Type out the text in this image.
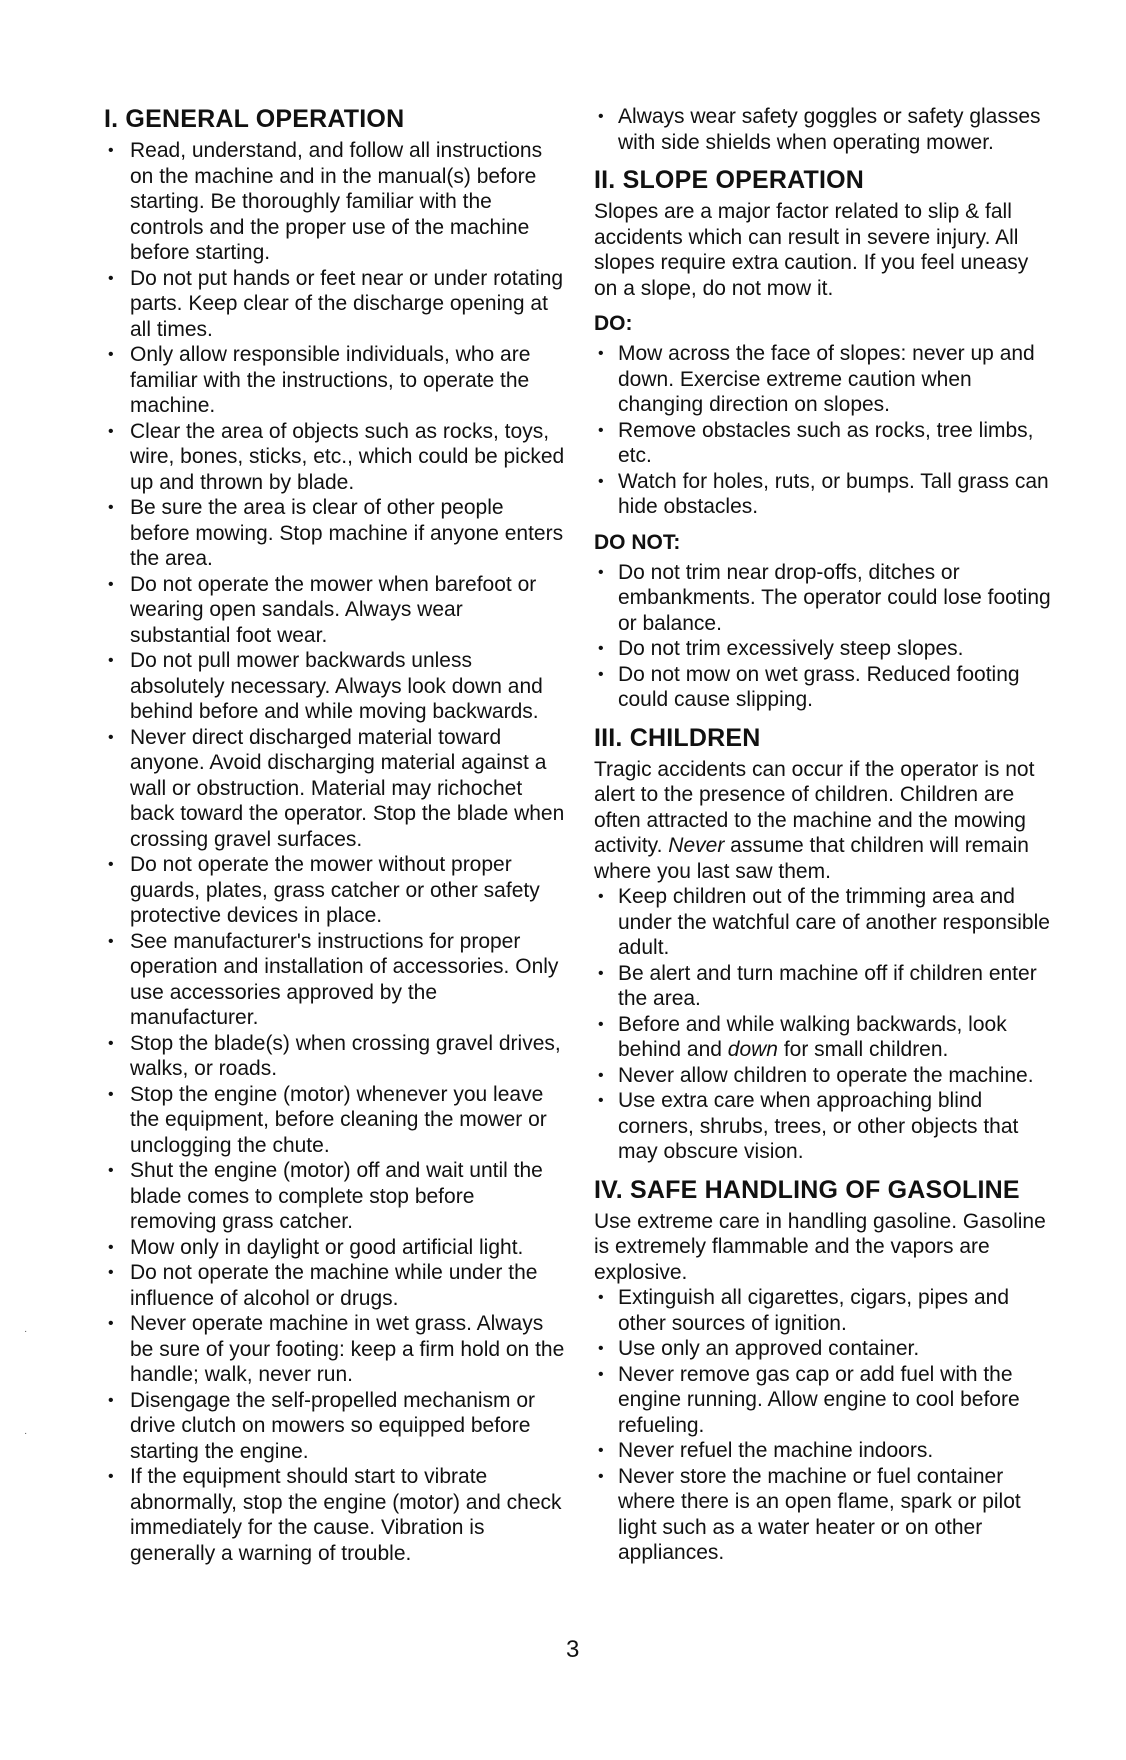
I. GENERAL OPERATION
• Read, understand, and follow all instructions on the machine and in the manual(s) before starting. Be thoroughly familiar with the controls and the proper use of the machine before starting.
• Do not put hands or feet near or under rotating parts. Keep clear of the discharge opening at all times.
• Only allow responsible individuals, who are familiar with the instructions, to operate the machine.
• Clear the area of objects such as rocks, toys, wire, bones, sticks, etc., which could be picked up and thrown by blade.
• Be sure the area is clear of other people before mowing. Stop machine if anyone enters the area.
• Do not operate the mower when barefoot or wearing open sandals. Always wear substantial foot wear.
• Do not pull mower backwards unless absolutely necessary. Always look down and behind before and while moving backwards.
• Never direct discharged material toward anyone. Avoid discharging material against a wall or obstruction. Material may richochet back toward the operator. Stop the blade when crossing gravel surfaces.
• Do not operate the mower without proper guards, plates, grass catcher or other safety protective devices in place.
• See manufacturer's instructions for proper operation and installation of accessories. Only use accessories approved by the manufacturer.
• Stop the blade(s) when crossing gravel drives, walks, or roads.
• Stop the engine (motor) whenever you leave the equipment, before cleaning the mower or unclogging the chute.
• Shut the engine (motor) off and wait until the blade comes to complete stop before removing grass catcher.
• Mow only in daylight or good artificial light.
• Do not operate the machine while under the influence of alcohol or drugs.
• Never operate machine in wet grass. Always be sure of your footing: keep a firm hold on the handle; walk, never run.
• Disengage the self-propelled mechanism or drive clutch on mowers so equipped before starting the engine.
• If the equipment should start to vibrate abnormally, stop the engine (motor) and check immediately for the cause. Vibration is generally a warning of trouble.
• Always wear safety goggles or safety glasses with side shields when operating mower.
II. SLOPE OPERATION

Slopes are a major factor related to slip & fall accidents which can result in severe injury. All slopes require extra caution. If you feel uneasy on a slope, do not mow it.

DO:
• Mow across the face of slopes: never up and down. Exercise extreme caution when changing direction on slopes.
• Remove obstacles such as rocks, tree limbs, etc.
• Watch for holes, ruts, or bumps. Tall grass can hide obstacles.
DO NOT:
• Do not trim near drop-offs, ditches or embankments. The operator could lose footing or balance.
• Do not trim excessively steep slopes.
• Do not mow on wet grass. Reduced footing could cause slipping.
III. CHILDREN

Tragic accidents can occur if the operator is not alert to the presence of children. Children are often attracted to the machine and the mowing activity. Never assume that children will remain where you last saw them.

• Keep children out of the trimming area and under the watchful care of another responsible adult.
• Be alert and turn machine off if children enter the area.
• Before and while walking backwards, look behind and down for small children.
• Never allow children to operate the machine.
• Use extra care when approaching blind corners, shrubs, trees, or other objects that may obscure vision.
IV. SAFE HANDLING OF GASOLINE

Use extreme care in handling gasoline. Gasoline is extremely flammable and the vapors are explosive.

• Extinguish all cigarettes, cigars, pipes and other sources of ignition.
• Use only an approved container.
• Never remove gas cap or add fuel with the engine running. Allow engine to cool before refueling.
• Never refuel the machine indoors.
• Never store the machine or fuel container where there is an open flame, spark or pilot light such as a water heater or on other appliances.
3
·
·
